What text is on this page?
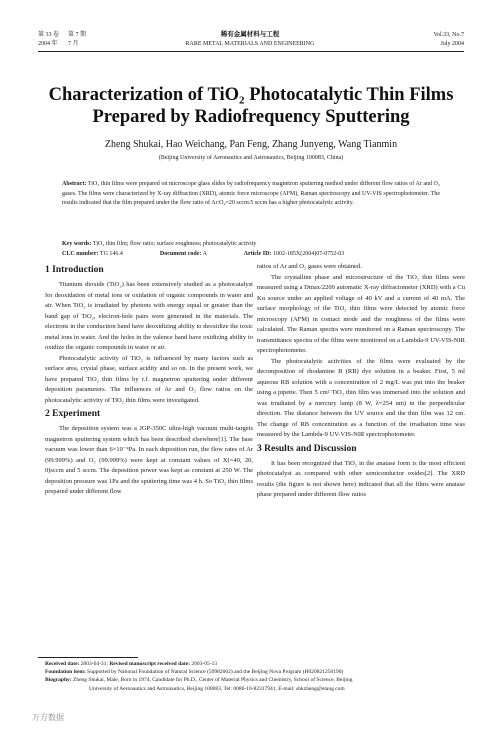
第 33 卷 第 7 期
2004 年 7 月
稀有金属材料与工程
RARE METAL MATERIALS AND ENGINEERING
Vol.33, No.7
July 2004
Characterization of TiO₂ Photocatalytic Thin Films
Prepared by Radiofrequency Sputtering
Zheng Shukai, Hao Weichang, Pan Feng, Zhang Junyeng, Wang Tianmin
(Beijing University of Aeronautics and Astronautics, Beijing 100083, China)
Abstract: TiO₂ thin films were prepared on microscope glass slides by radiofrequency magnetron sputtering method under different flow ratios of Ar and O₂ gases. The films were characterized by X-ray diffraction (XRD), atomic force microscope (AFM), Raman spectroscopy and UV-VIS spectrophotometer. The results indicated that the film prepared under the flow ratio of Ar:O₂=20 sccm:5 sccm has a higher photocatalytic activity.
Key words: TiO₂ thin film; flow ratio; surface roughness; photocatalytic activity
CLC number: TG 146.4	Document code: A	Article ID: 1002-185X(2004)07-0752-03
1 Introduction

Titanium dioxide (TiO₂) has been extensively studied as a photocatalyst for deoxidation of metal ions or oxidation of organic compounds in water and air. When TiO₂ is irradiated by photons with energy equal or greater than the band gap of TiO₂, electron-hole pairs were generated in the materials. The electrons in the conduction band have deoxidizing ability to deoxidize the toxic metal ions in water. And the holes in the valence band have oxidizing ability to oxidize the organic compounds in water or air.

Photocatalytic activity of TiO₂ is influenced by many factors such as surface area, crystal phase, surface acidity and so on. In the present work, we have prepared TiO₂ thin films by r.f. magnetron sputtering under different deposition parameters. The influences of Ar and O₂ flow ratios on the photocatalytic activity of TiO₂ thin films were investigated.

2 Experiment

The deposition system was a JGP-350C ultra-high vacuum multi-targets magnetron sputtering system which has been described elsewhere[1]. The base vacuum was lower than 6×10⁻⁴Pa. In each deposition run, the flow rates of Ar (99.999%) and O₂ (99.999%) were kept at constant values of X(=40, 20, 0)sccm and 5 sccm. The deposition power was kept as constant at 250 W. The deposition pressure was 1Pa and the sputtering time was 4 h. So TiO₂ thin films prepared under different flow

ratios of Ar and O₂ gases were obtained.

The crystalline phase and microstructure of the TiO₂ thin films were measured using a Dmax/2200 automatic X-ray diffractometer (XRD) with a Cu Kα source under an applied voltage of 40 kV and a current of 40 mA. The surface morphology of the TiO₂ thin films were detected by atomic force microscopy (AFM) in contact mode and the roughness of the films were calculated. The Raman spectra were monitored on a Raman spectroscopy. The transmittance spectra of the films were monitored on a Lambda-9 UV-VIS-NIR spectrophotometer.

The photocatalytic activities of the films were evaluated by the decomposition of rhodamine B (RB) dye solution in a beaker. First, 5 ml aqueous RB solution with a concentration of 2 mg/L was put into the beaker using a pipette. Then 5 cm² TiO₂ thin film was immersed into the solution and was irradiated by a mercury lamp (8 W, λ=254 nm) in the perpendicular direction. The distance between the UV source and the thin film was 12 cm. The change of RB concentration as a function of the irradiation time was measured by the Lambda-9 UV-VIS-NIR spectrophotometer.

3 Results and Discussion

It has been recognized that TiO₂ in the anatase form is the most efficient photocatalyst as compared with other semiconductor oxides[2]. The XRD results (the figure is not shown here) indicated that all the films were anatase phase prepared under different flow ratios

Received date: 2003-04-31; Revised manuscript received date: 2003-05-13
Foundation item: Supported by National Foundation of Natural Science (59982002) and the Beijing Nova Program (H020821250190)
Biography: Zheng Shukai, Male, Born in 1974, Candidate for Ph.D., Center of Material Physics and Chemistry, School of Science, Beijing
University of Aeronautics and Astronautics, Beijing 100083, Tel: 0086-10-82317941, E-mail: shkzheng@etang.com
万方数据
